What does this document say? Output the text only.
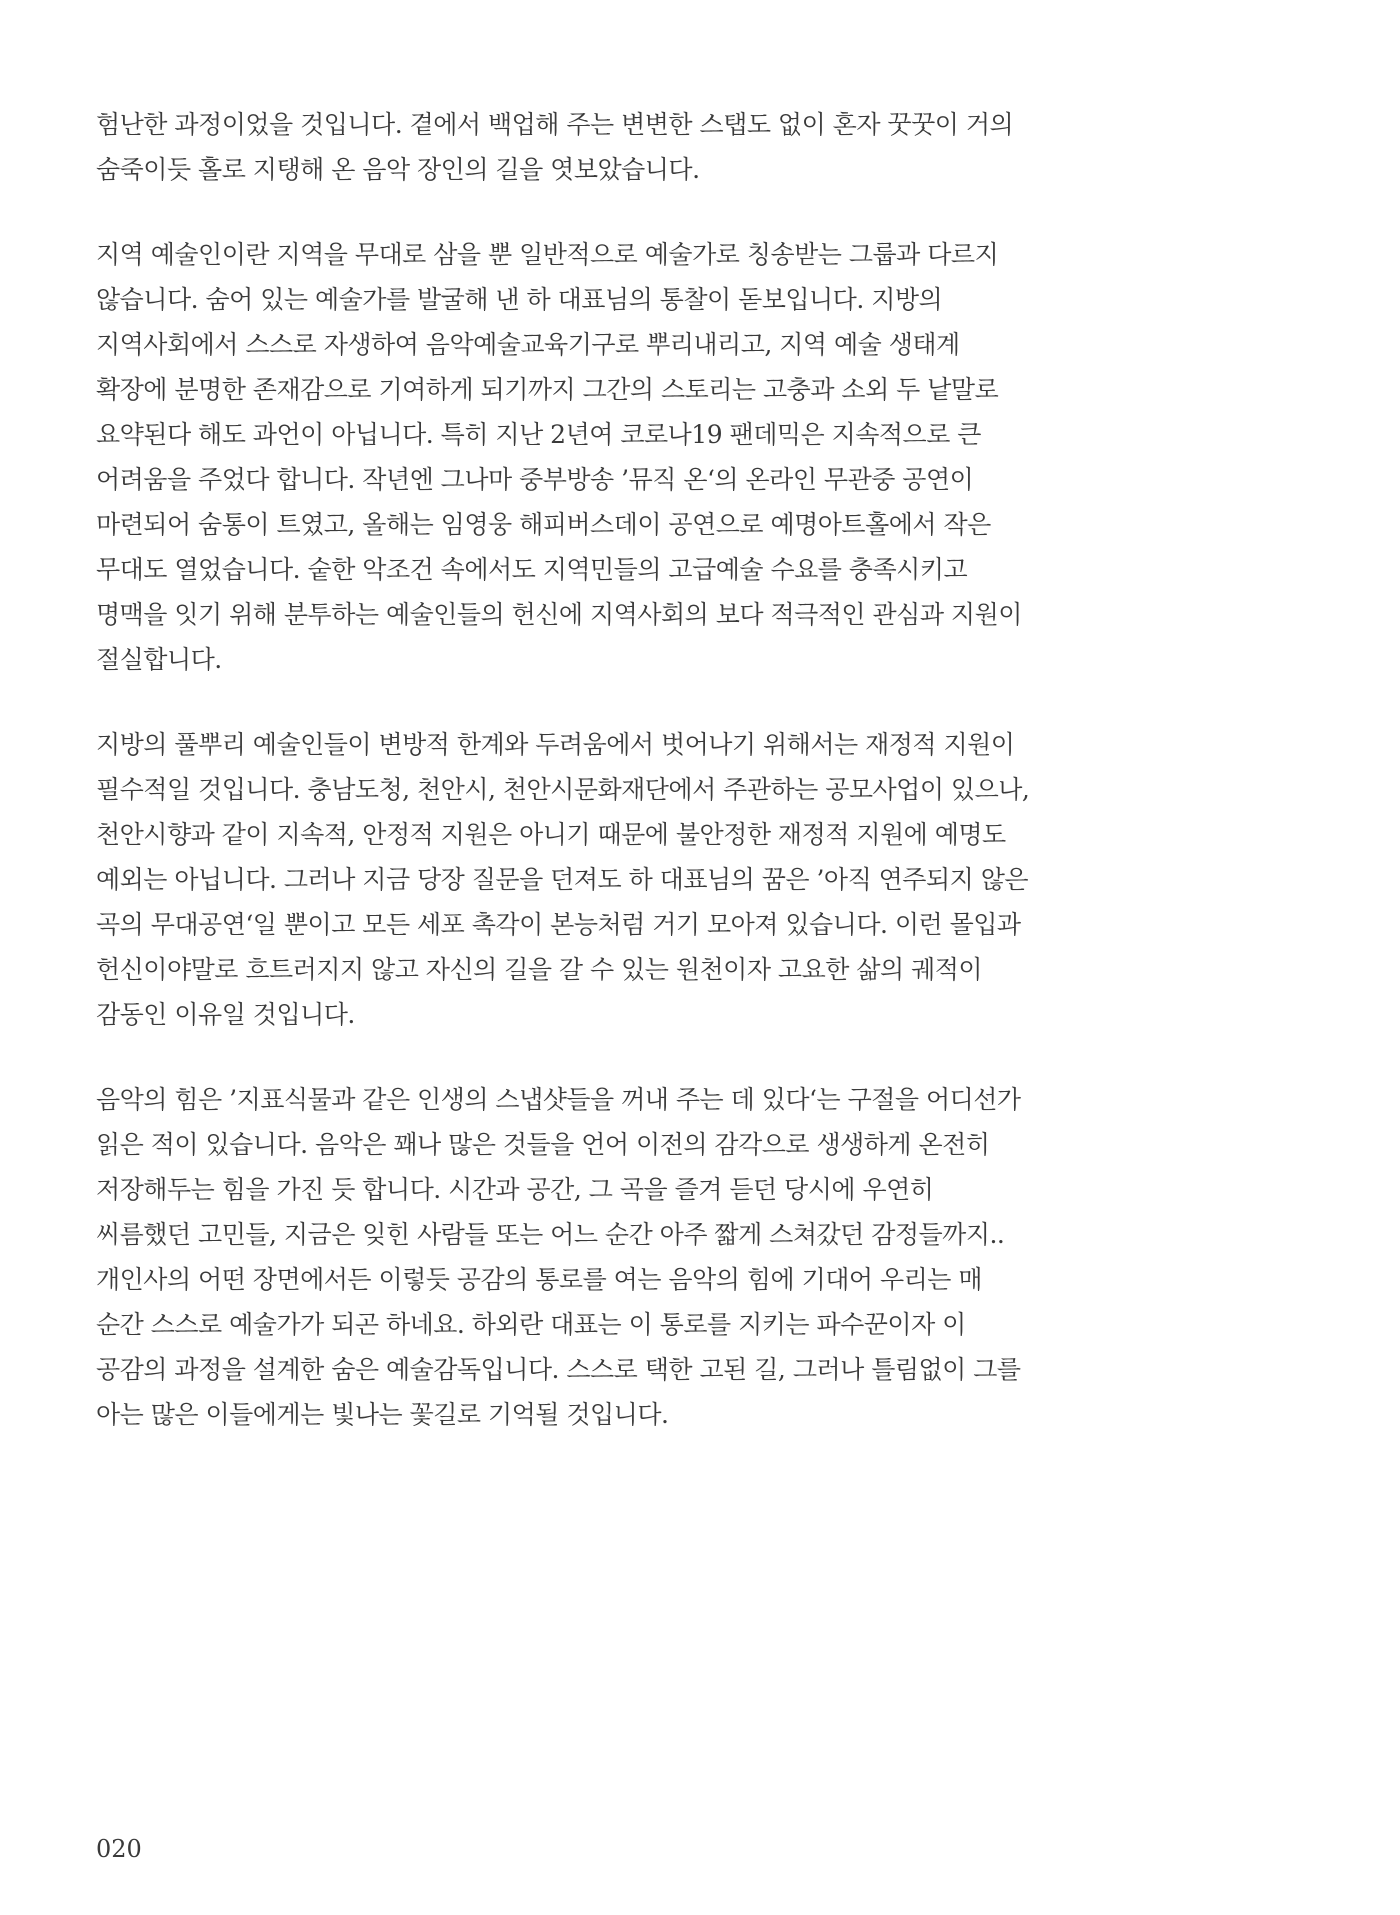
험난한 과정이었을 것입니다. 곁에서 백업해 주는 변변한 스탭도 없이 혼자 꿋꿋이 거의
숨죽이듯 홀로 지탱해 온 음악 장인의 길을 엿보았습니다.

지역 예술인이란 지역을 무대로 삼을 뿐 일반적으로 예술가로 칭송받는 그룹과 다르지
않습니다. 숨어 있는 예술가를 발굴해 낸 하 대표님의 통찰이 돋보입니다. 지방의
지역사회에서 스스로 자생하여 음악예술교육기구로 뿌리내리고, 지역 예술 생태계
확장에 분명한 존재감으로 기여하게 되기까지 그간의 스토리는 고충과 소외 두 낱말로
요약된다 해도 과언이 아닙니다. 특히 지난 2년여 코로나19 팬데믹은 지속적으로 큰
어려움을 주었다 합니다. 작년엔 그나마 중부방송 ’뮤직 온‘의 온라인 무관중 공연이
마련되어 숨통이 트였고, 올해는 임영웅 해피버스데이 공연으로 예명아트홀에서 작은
무대도 열었습니다. 숱한 악조건 속에서도 지역민들의 고급예술 수요를 충족시키고
명맥을 잇기 위해 분투하는 예술인들의 헌신에 지역사회의 보다 적극적인 관심과 지원이
절실합니다.

지방의 풀뿌리 예술인들이 변방적 한계와 두려움에서 벗어나기 위해서는 재정적 지원이
필수적일 것입니다. 충남도청, 천안시, 천안시문화재단에서 주관하는 공모사업이 있으나,
천안시향과 같이 지속적, 안정적 지원은 아니기 때문에 불안정한 재정적 지원에 예명도
예외는 아닙니다. 그러나 지금 당장 질문을 던져도 하 대표님의 꿈은 ’아직 연주되지 않은
곡의 무대공연‘일 뿐이고 모든 세포 촉각이 본능처럼 거기 모아져 있습니다. 이런 몰입과
헌신이야말로 흐트러지지 않고 자신의 길을 갈 수 있는 원천이자 고요한 삶의 궤적이
감동인 이유일 것입니다.

음악의 힘은 ’지표식물과 같은 인생의 스냅샷들을 꺼내 주는 데 있다‘는 구절을 어디선가
읽은 적이 있습니다. 음악은 꽤나 많은 것들을 언어 이전의 감각으로 생생하게 온전히
저장해두는 힘을 가진 듯 합니다. 시간과 공간, 그 곡을 즐겨 듣던 당시에 우연히
씨름했던 고민들, 지금은 잊힌 사람들 또는 어느 순간 아주 짧게 스쳐갔던 감정들까지..
개인사의 어떤 장면에서든 이렇듯 공감의 통로를 여는 음악의 힘에 기대어 우리는 매
순간 스스로 예술가가 되곤 하네요. 하외란 대표는 이 통로를 지키는 파수꾼이자 이
공감의 과정을 설계한 숨은 예술감독입니다. 스스로 택한 고된 길, 그러나 틀림없이 그를
아는 많은 이들에게는 빛나는 꽃길로 기억될 것입니다.

020
